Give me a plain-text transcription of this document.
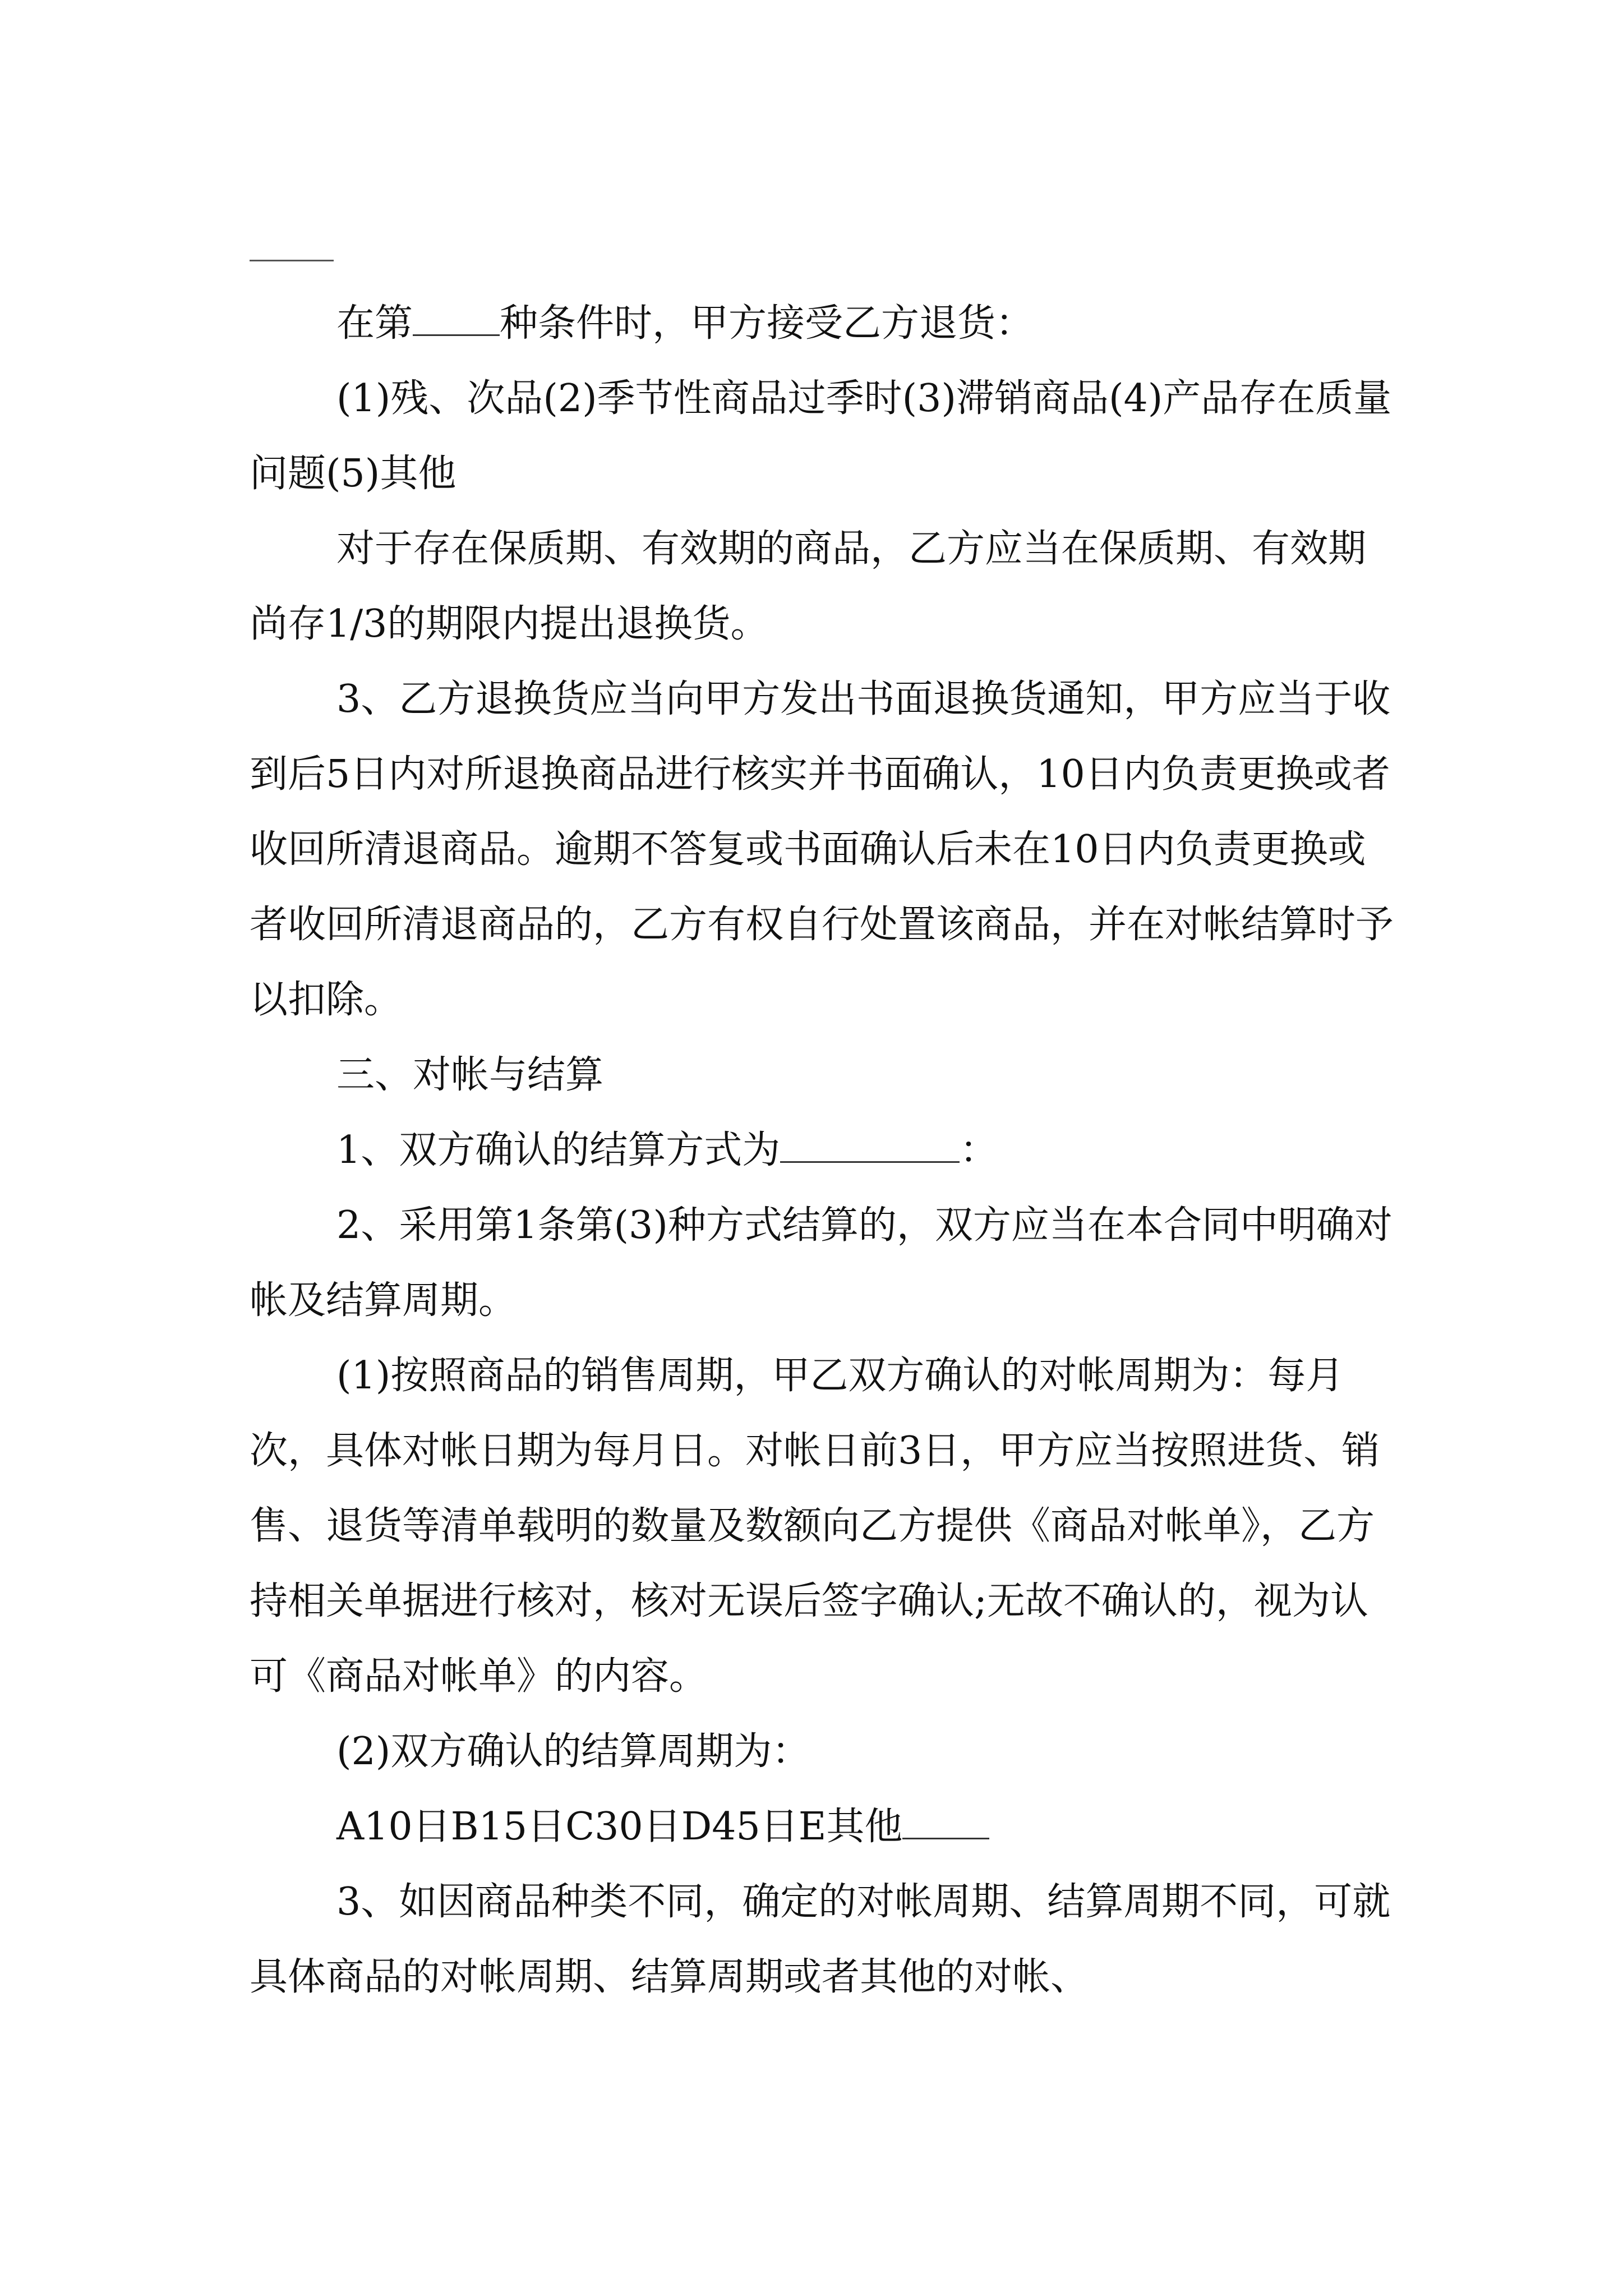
在第 种条件时，甲方接受乙方退货：

(1)残、次品(2)季节性商品过季时(3)滞销商品(4)产品存在质量问题(5)其他

对于存在保质期、有效期的商品，乙方应当在保质期、有效期尚存1/3的期限内提出退换货。

3、乙方退换货应当向甲方发出书面退换货通知，甲方应当于收到后5日内对所退换商品进行核实并书面确认，10日内负责更换或者收回所清退商品。逾期不答复或书面确认后未在10日内负责更换或者收回所清退商品的，乙方有权自行处置该商品，并在对帐结算时予以扣除。

三、对帐与结算

1、双方确认的结算方式为	：

2、采用第1条第(3)种方式结算的，双方应当在本合同中明确对帐及结算周期。

(1)按照商品的销售周期，甲乙双方确认的对帐周期为：每月次，具体对帐日期为每月日。对帐日前3日，甲方应当按照进货、销售、退货等清单载明的数量及数额向乙方提供《商品对帐单》，乙方持相关单据进行核对，核对无误后签字确认;无故不确认的，视为认可《商品对帐单》的内容。

(2)双方确认的结算周期为：

A10日B15日C30日D45日E其他

3、如因商品种类不同，确定的对帐周期、结算周期不同，可就具体商品的对帐周期、结算周期或者其他的对帐、
